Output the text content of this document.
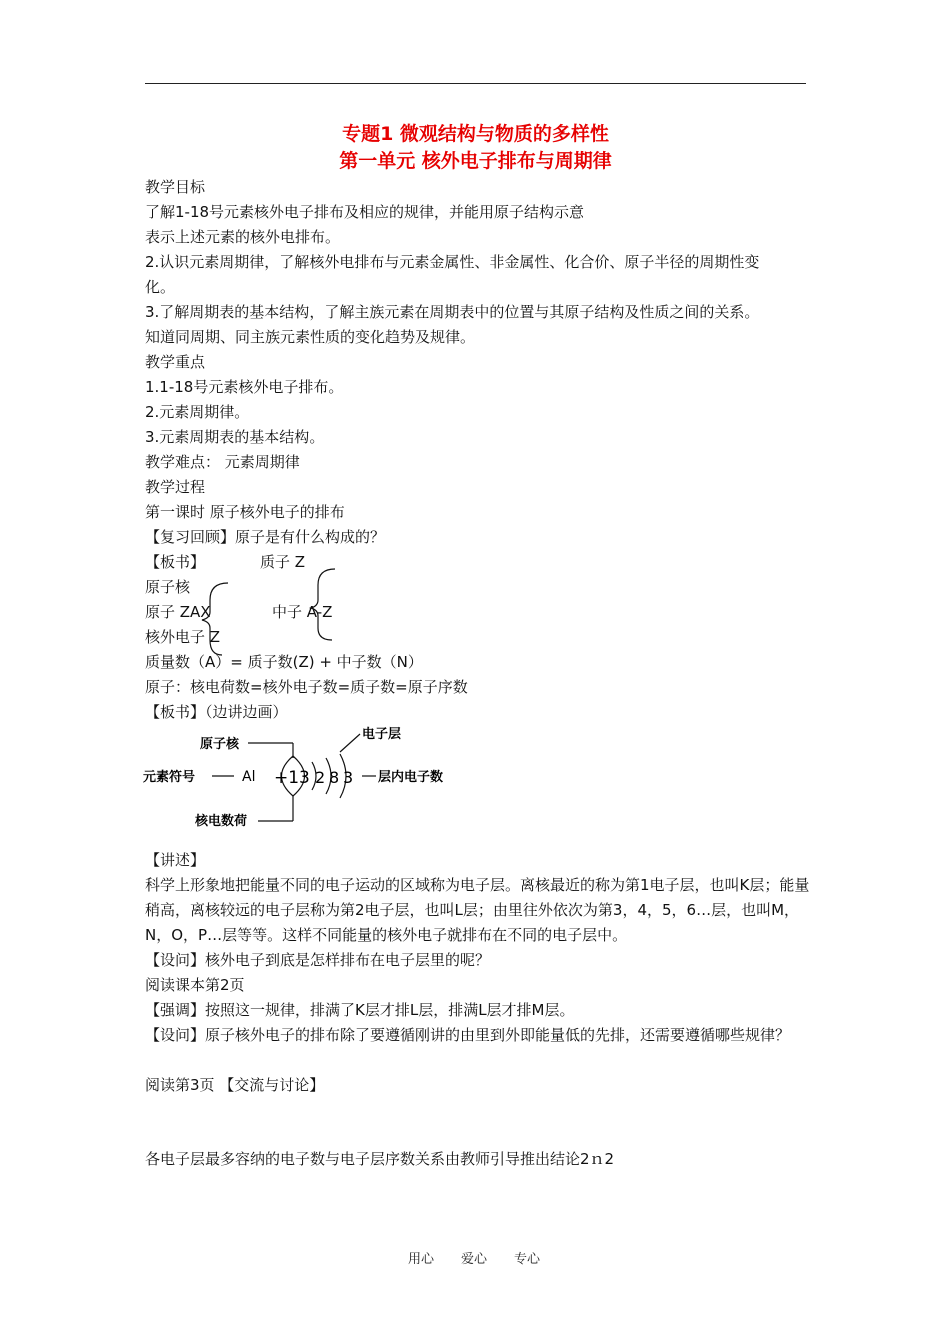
专题1 微观结构与物质的多样性
第一单元 核外电子排布与周期律
教学目标
了解1-18号元素核外电子排布及相应的规律，并能用原子结构示意
表示上述元素的核外电排布。
2.认识元素周期律，了解核外电排布与元素金属性、非金属性、化合价、原子半径的周期性变
化。
3.了解周期表的基本结构，了解主族元素在周期表中的位置与其原子结构及性质之间的关系。
知道同周期、同主族元素性质的变化趋势及规律。
教学重点
1.1-18号元素核外电子排布。
2.元素周期律。
3.元素周期表的基本结构。
教学难点： 元素周期律
教学过程
第一课时 原子核外电子的排布
【复习回顾】原子是有什么构成的？
【板书】	质子 Z
原子核
原子 ZAX	中子 A-Z
核外电子 Z
质量数（A）= 质子数(Z) + 中子数（N）
原子：核电荷数=核外电子数=质子数=原子序数
【板书】（边讲边画）
原子核
电子层
元素符号	Al +13 2 8 3 层内电子数
核电数荷
【讲述】
科学上形象地把能量不同的电子运动的区域称为电子层。离核最近的称为第1电子层，也叫K层；能量稍高，离核较远的电子层称为第2电子层，也叫L层；由里往外依次为第3，4，5，6…层，也叫M，N，O，P…层等等。这样不同能量的核外电子就排布在不同的电子层中。
【设问】核外电子到底是怎样排布在电子层里的呢？
阅读课本第2页
【强调】按照这一规律，排满了K层才排L层，排满L层才排M层。
【设问】原子核外电子的排布除了要遵循刚讲的由里到外即能量低的先排，还需要遵循哪些规律？
阅读第3页 【交流与讨论】
各电子层最多容纳的电子数与电子层序数关系由教师引导推出结论2ｎ2
用心 爱心 专心
